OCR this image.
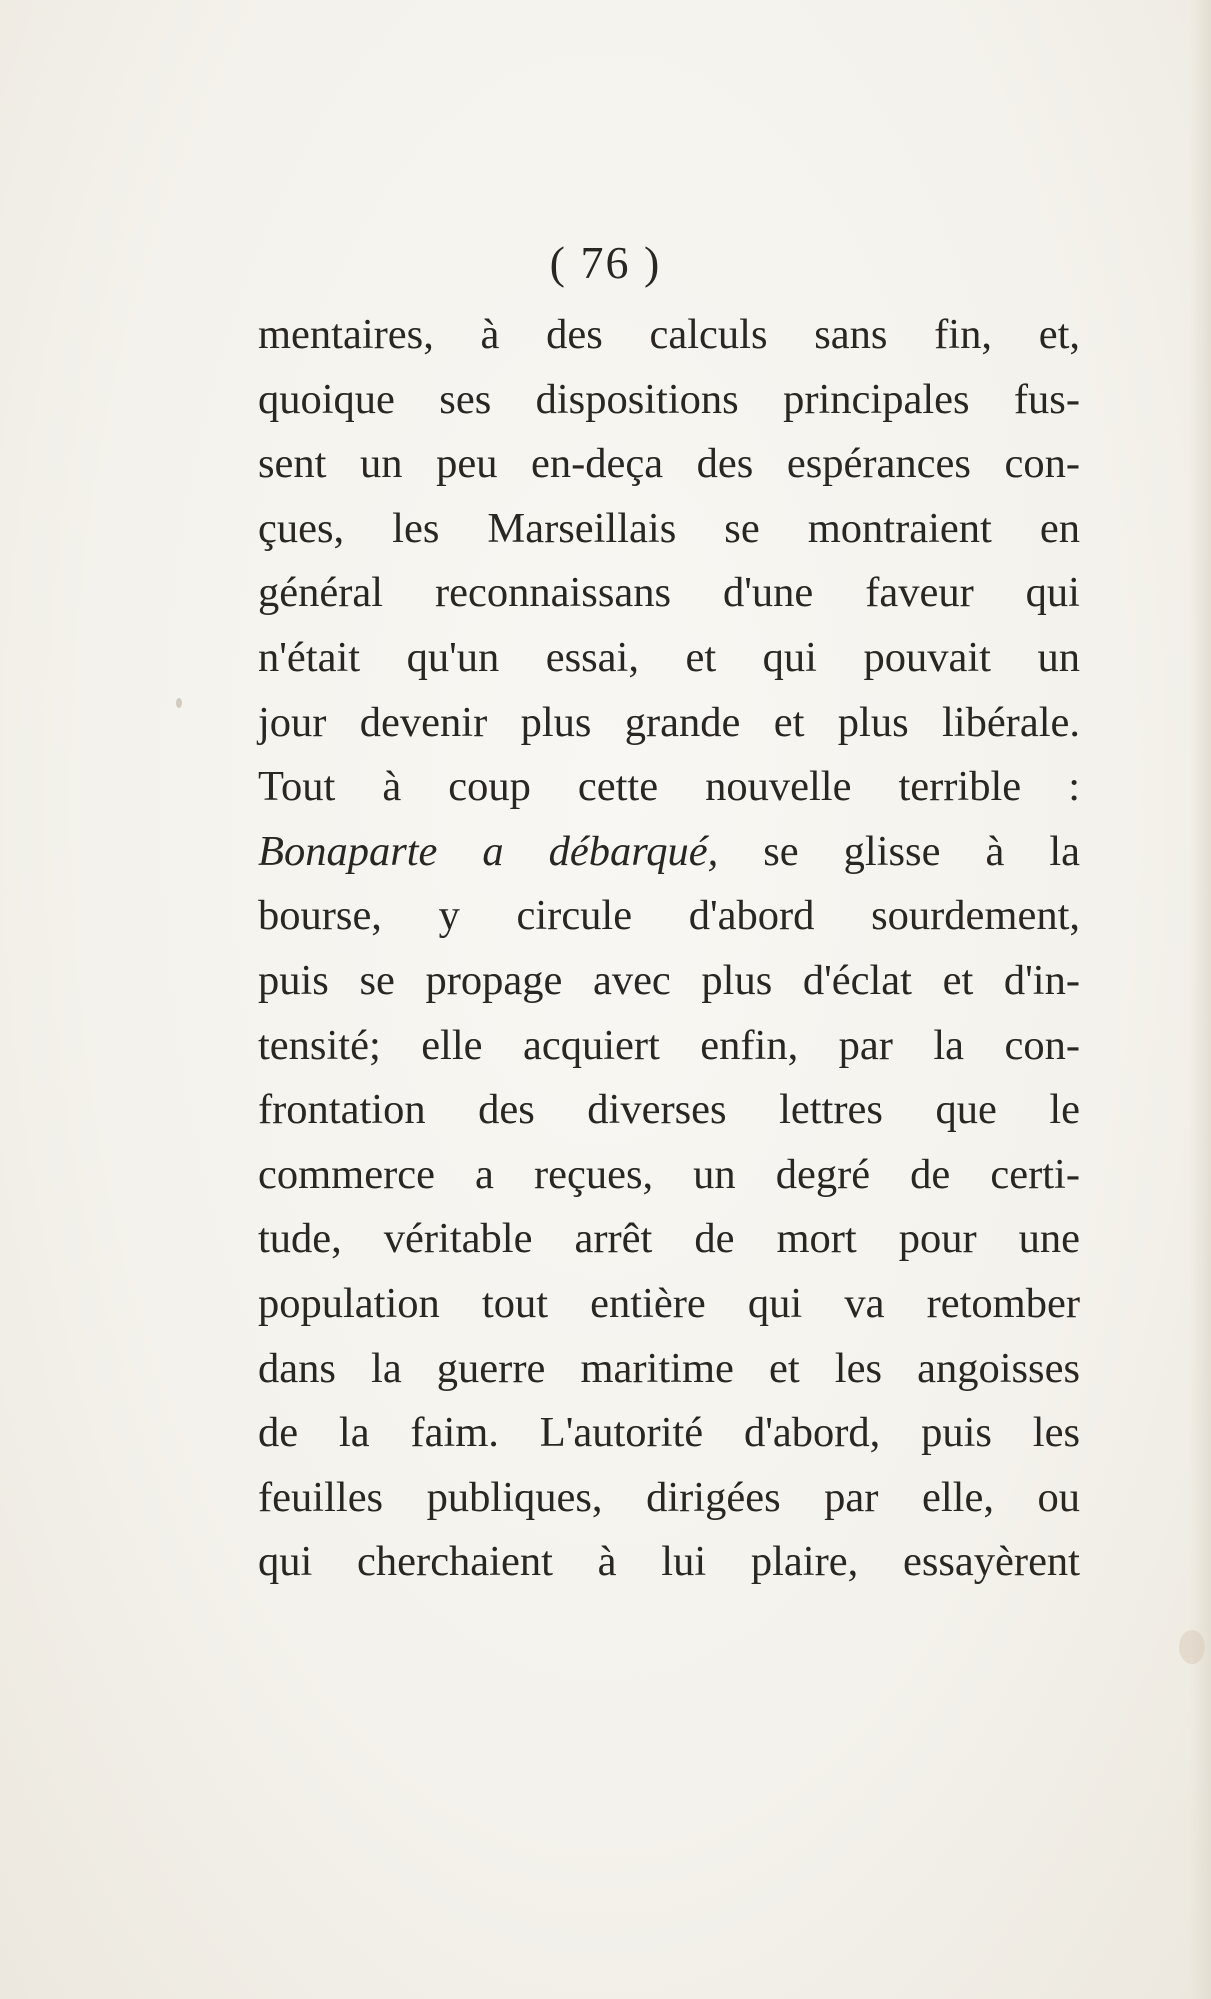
( 76 )
mentaires, à des calculs sans fin, et,
quoique ses dispositions principales fus-
sent un peu en-deça des espérances con-
çues, les Marseillais se montraient en
général reconnaissans d'une faveur qui
n'était qu'un essai, et qui pouvait un
jour devenir plus grande et plus libérale.
Tout à coup cette nouvelle terrible :
Bonaparte a débarqué, se glisse à la
bourse, y circule d'abord sourdement,
puis se propage avec plus d'éclat et d'in-
tensité; elle acquiert enfin, par la con-
frontation des diverses lettres que le
commerce a reçues, un degré de certi-
tude, véritable arrêt de mort pour une
population tout entière qui va retomber
dans la guerre maritime et les angoisses
de la faim. L'autorité d'abord, puis les
feuilles publiques, dirigées par elle, ou
qui cherchaient à lui plaire, essayèrent
